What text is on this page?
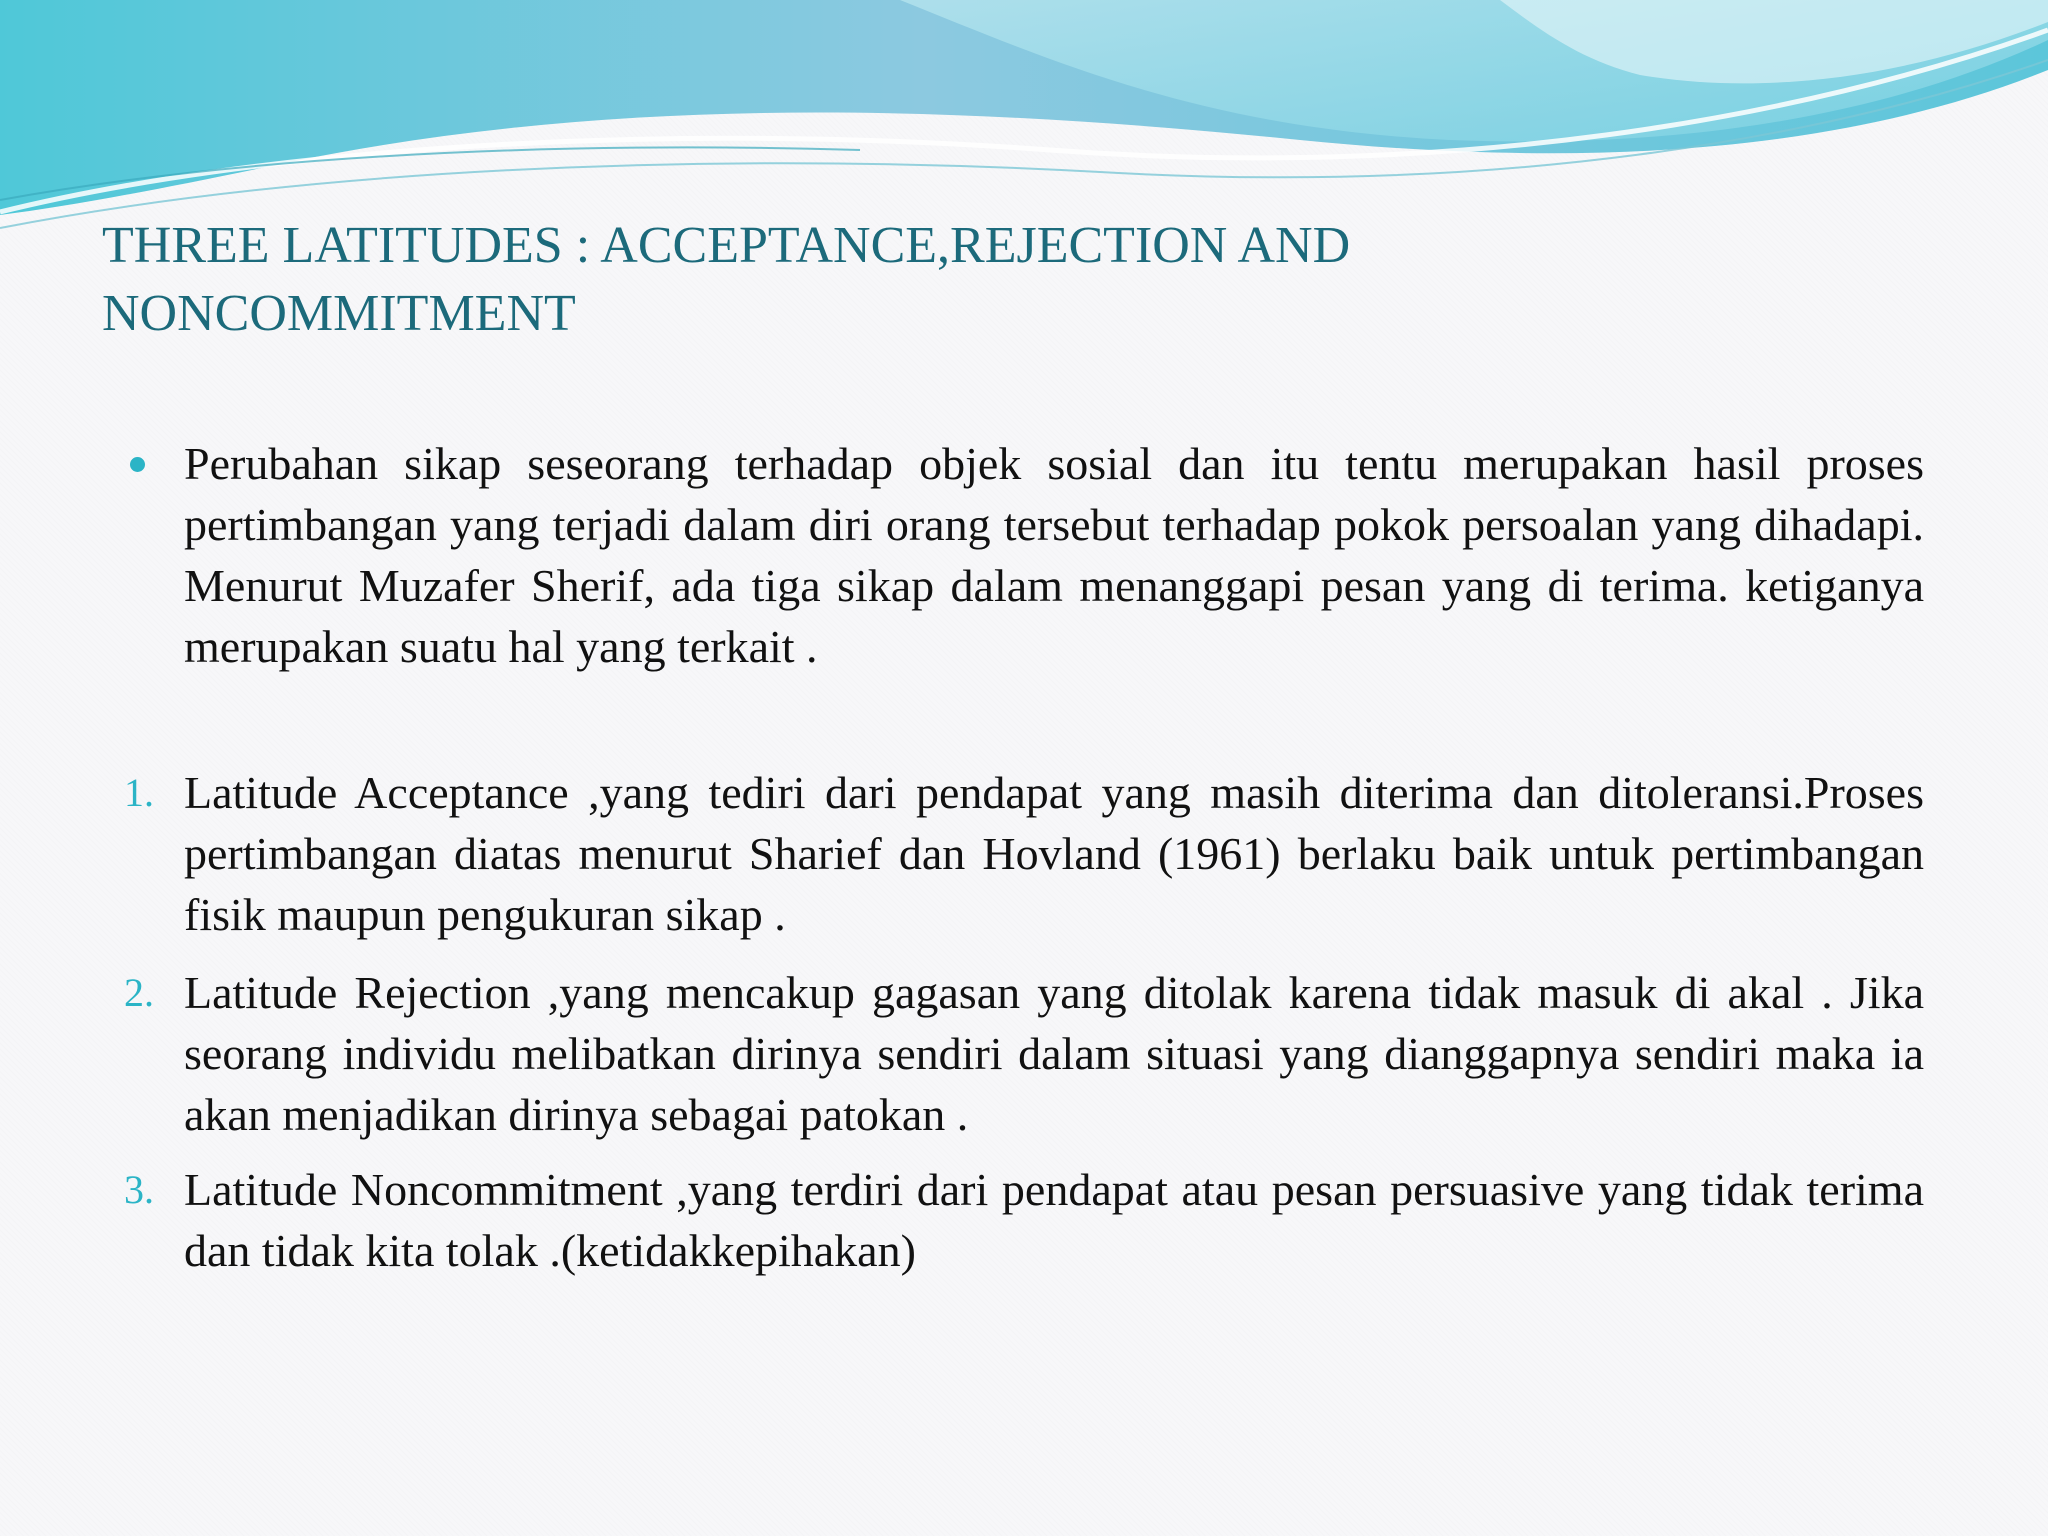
THREE LATITUDES : ACCEPTANCE,REJECTION AND NONCOMMITMENT

Perubahan sikap seseorang terhadap objek sosial dan itu tentu merupakan hasil proses pertimbangan yang terjadi dalam diri orang tersebut terhadap pokok persoalan yang dihadapi. Menurut Muzafer Sherif, ada tiga sikap dalam menanggapi pesan yang di terima. ketiganya merupakan suatu hal yang terkait .

1. Latitude Acceptance ,yang tediri dari pendapat yang masih diterima dan ditoleransi.Proses pertimbangan diatas menurut Sharief dan Hovland (1961) berlaku baik untuk pertimbangan fisik maupun pengukuran sikap .

2. Latitude Rejection ,yang mencakup gagasan yang ditolak karena tidak masuk di akal . Jika seorang individu melibatkan dirinya sendiri dalam situasi yang dianggapnya sendiri maka ia akan menjadikan dirinya sebagai patokan .

3. Latitude Noncommitment ,yang terdiri dari pendapat atau pesan persuasive yang tidak terima dan tidak kita tolak .(ketidakkepihakan)
